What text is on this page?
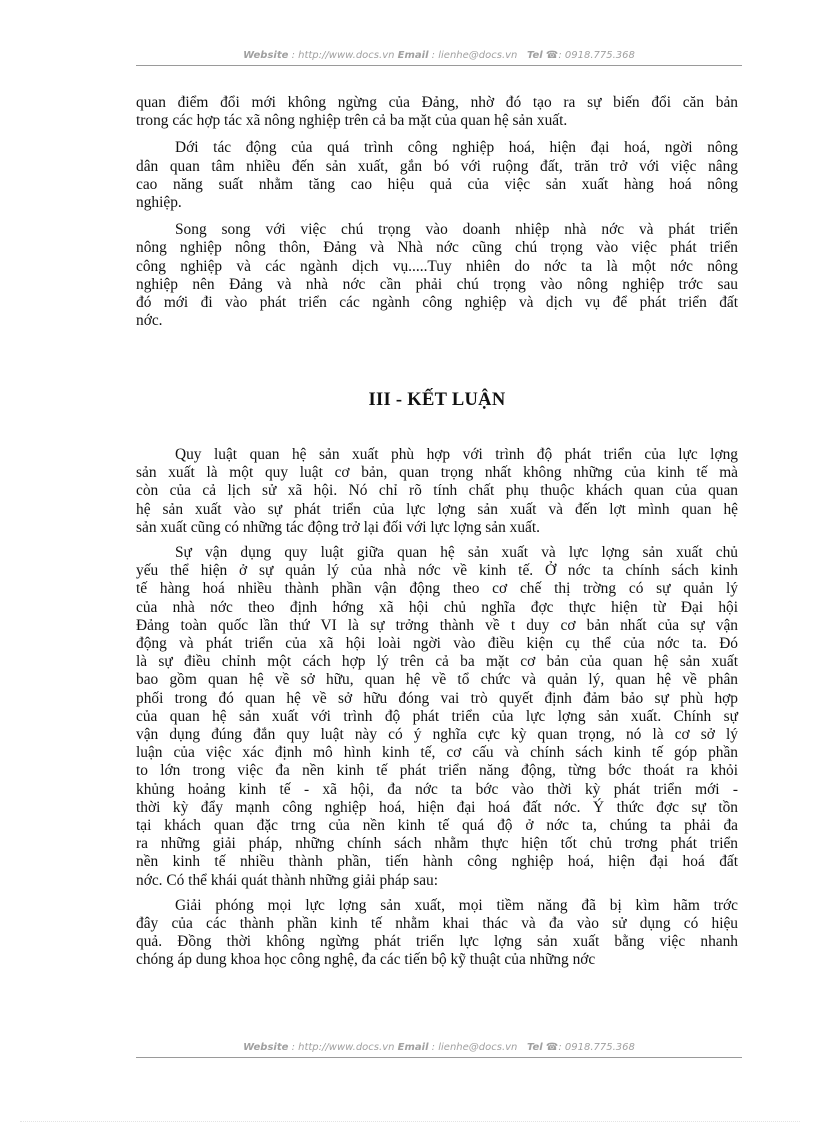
Website : http://www.docs.vn Email : lienhe@docs.vn Tel ☎: 0918.775.368

quan điểm đổi mới không ngừng của Đảng, nhờ đó tạo ra sự biến đổi căn bản
trong các hợp tác xã nông nghiệp trên cả ba mặt của quan hệ sản xuất.

Dới tác động của quá trình công nghiệp hoá, hiện đại hoá, ngời nông
dân quan tâm nhiều đến sản xuất, gắn bó với ruộng đất, trăn trở với việc nâng
cao năng suất nhằm tăng cao hiệu quả của việc sản xuất hàng hoá nông
nghiệp.

Song song với việc chú trọng vào doanh nhiệp nhà nớc và phát triển
nông nghiệp nông thôn, Đảng và Nhà nớc cũng chú trọng vào việc phát triển
công nghiệp và các ngành dịch vụ.....Tuy nhiên do nớc ta là một nớc nông
nghiệp nên Đảng và nhà nớc cần phải chú trọng vào nông nghiệp trớc sau
đó mới đi vào phát triển các ngành công nghiệp và dịch vụ để phát triển đất
nớc.

III - KẾT LUẬN

Quy luật quan hệ sản xuất phù hợp với trình độ phát triển của lực lợng
sản xuất là một quy luật cơ bản, quan trọng nhất không những của kinh tế mà
còn của cả lịch sử xã hội. Nó chỉ rõ tính chất phụ thuộc khách quan của quan
hệ sản xuất vào sự phát triển của lực lợng sản xuất và đến lợt mình quan hệ
sản xuất cũng có những tác động trở lại đối với lực lợng sản xuất.

Sự vận dụng quy luật giữa quan hệ sản xuất và lực lợng sản xuất chủ
yếu thể hiện ở sự quản lý của nhà nớc về kinh tế. Ở nớc ta chính sách kinh
tế hàng hoá nhiều thành phần vận động theo cơ chế thị trờng có sự quản lý
của nhà nớc theo định hớng xã hội chủ nghĩa đợc thực hiện từ Đại hội
Đảng toàn quốc lần thứ VI là sự trởng thành về t duy cơ bản nhất của sự vận
động và phát triển của xã hội loài ngời vào điều kiện cụ thể của nớc ta. Đó
là sự điều chỉnh một cách hợp lý trên cả ba mặt cơ bản của quan hệ sản xuất
bao gồm quan hệ về sở hữu, quan hệ về tổ chức và quản lý, quan hệ về phân
phối trong đó quan hệ về sở hữu đóng vai trò quyết định đảm bảo sự phù hợp
của quan hệ sản xuất với trình độ phát triển của lực lợng sản xuất. Chính sự
vận dụng đúng đắn quy luật này có ý nghĩa cực kỳ quan trọng, nó là cơ sở lý
luận của việc xác định mô hình kinh tế, cơ cấu và chính sách kinh tế góp phần
to lớn trong việc đa nền kinh tế phát triển năng động, từng bớc thoát ra khỏi
khủng hoảng kinh tế - xã hội, đa nớc ta bớc vào thời kỳ phát triển mới -
thời kỳ đẩy mạnh công nghiệp hoá, hiện đại hoá đất nớc. Ý thức đợc sự tồn
tại khách quan đặc trng của nền kinh tế quá độ ở nớc ta, chúng ta phải đa
ra những giải pháp, những chính sách nhằm thực hiện tốt chủ trơng phát triển
nền kinh tế nhiều thành phần, tiến hành công nghiệp hoá, hiện đại hoá đất
nớc. Có thể khái quát thành những giải pháp sau:

Giải phóng mọi lực lợng sản xuất, mọi tiềm năng đã bị kìm hãm trớc
đây của các thành phần kinh tế nhằm khai thác và đa vào sử dụng có hiệu
quả. Đồng thời không ngừng phát triển lực lợng sản xuất bằng việc nhanh
chóng áp dung khoa học công nghệ, đa các tiến bộ kỹ thuật của những nớc

Website : http://www.docs.vn Email : lienhe@docs.vn Tel ☎: 0918.775.368
